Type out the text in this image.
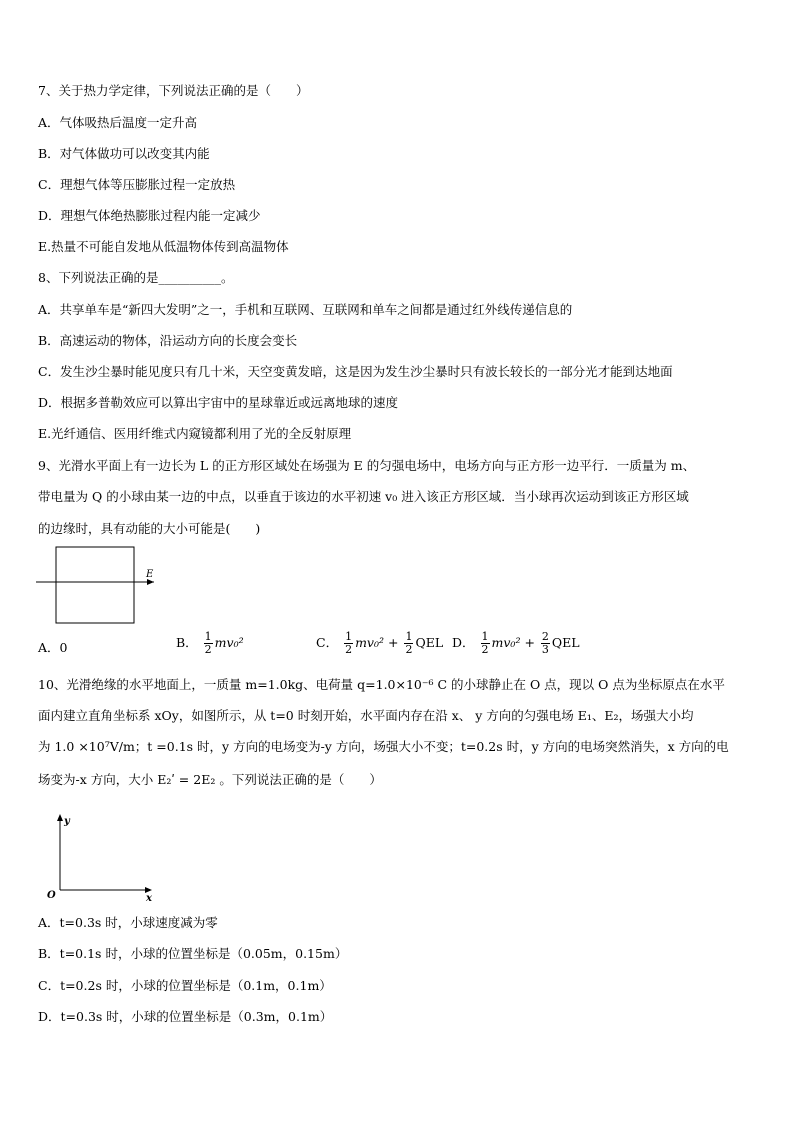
7、关于热力学定律，下列说法正确的是（　　）
A．气体吸热后温度一定升高
B．对气体做功可以改变其内能
C．理想气体等压膨胀过程一定放热
D．理想气体绝热膨胀过程内能一定减少
E.热量不可能自发地从低温物体传到高温物体
8、下列说法正确的是__________。
A．共享单车是“新四大发明”之一，手机和互联网、互联网和单车之间都是通过红外线传递信息的
B．高速运动的物体，沿运动方向的长度会变长
C．发生沙尘暴时能见度只有几十米，天空变黄发暗，这是因为发生沙尘暴时只有波长较长的一部分光才能到达地面
D．根据多普勒效应可以算出宇宙中的星球靠近或远离地球的速度
E.光纤通信、医用纤维式内窥镜都利用了光的全反射原理
9、光滑水平面上有一边长为 L 的正方形区域处在场强为 E 的匀强电场中，电场方向与正方形一边平行．一质量为 m、
带电量为 Q 的小球由某一边的中点，以垂直于该边的水平初速 v₀ 进入该正方形区域．当小球再次运动到该正方形区域
的边缘时，具有动能的大小可能是(　　)
E
A．0	B． $\frac{1}{2} mv_0^2$	C． $\frac{1}{2} mv_0^2 + \frac{1}{2}$ QEL D． $\frac{1}{2} mv_0^2 + \frac{2}{3}$ QEL
10、光滑绝缘的水平地面上，一质量 m=1.0kg、电荷量 q=1.0×10⁻⁶ C 的小球静止在 O 点，现以 O 点为坐标原点在水平
面内建立直角坐标系 xOy，如图所示，从 t=0 时刻开始，水平面内存在沿 x、 y 方向的匀强电场 E₁、E₂，场强大小均
为 1.0 ×10⁷V/m；t =0.1s 时，y 方向的电场变为-y 方向，场强大小不变；t=0.2s 时，y 方向的电场突然消失，x 方向的电
场变为-x 方向，大小 E₂ʹ = 2E₂ 。下列说法正确的是（　　）
y
x
O
A．t=0.3s 时，小球速度减为零
B．t=0.1s 时，小球的位置坐标是（0.05m，0.15m）
C．t=0.2s 时，小球的位置坐标是（0.1m，0.1m）
D．t=0.3s 时，小球的位置坐标是（0.3m，0.1m）
